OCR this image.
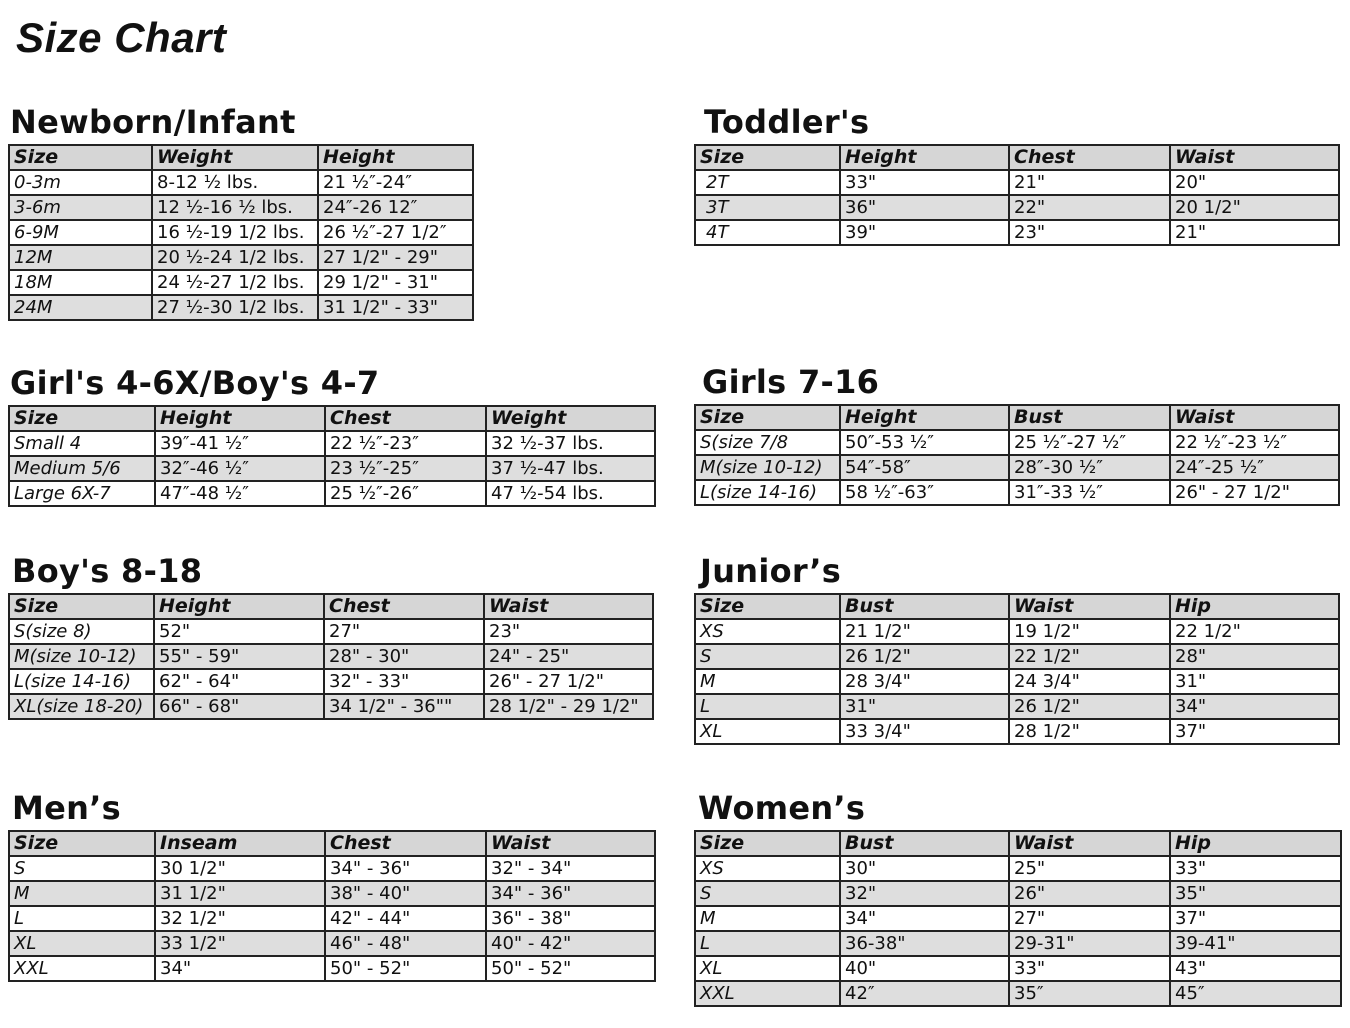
Size Chart
Newborn/Infant
Size	Weight	Height
0-3m	8-12 ½ lbs.	21 ½″-24″
3-6m	12 ½-16 ½ lbs.	24″-26 12″
6-9M	16 ½-19 1/2 lbs.	26 ½″-27 1/2″
12M	20 ½-24 1/2 lbs.	27 1/2" - 29"
18M	24 ½-27 1/2 lbs.	29 1/2" - 31"
24M	27 ½-30 1/2 lbs.	31 1/2" - 33"
Toddler's
Size	Height	Chest	Waist
2T	33"	21"	20"
3T	36"	22"	20 1/2"
4T	39"	23"	21"
Girl's 4-6X/Boy's 4-7
Size	Height	Chest	Weight
Small 4	39″-41 ½″	22 ½″-23″	32 ½-37 lbs.
Medium 5/6	32″-46 ½″	23 ½″-25″	37 ½-47 lbs.
Large 6X-7	47″-48 ½″	25 ½″-26″	47 ½-54 lbs.
Girls 7-16
Size	Height	Bust	Waist
S(size 7/8	50″-53 ½″	25 ½″-27 ½″	22 ½″-23 ½″
M(size 10-12)	54″-58″	28″-30 ½″	24″-25 ½″
L(size 14-16)	58 ½″-63″	31″-33 ½″	26" - 27 1/2"
Boy's 8-18
Size	Height	Chest	Waist
S(size 8)	52"	27"	23"
M(size 10-12)	55" - 59"	28" - 30"	24" - 25"
L(size 14-16)	62" - 64"	32" - 33"	26" - 27 1/2"
XL(size 18-20)	66" - 68"	34 1/2" - 36""	28 1/2" - 29 1/2"
Junior’s
Size	Bust	Waist	Hip
XS	21 1/2"	19 1/2"	22 1/2"
S	26 1/2"	22 1/2"	28"
M	28 3/4"	24 3/4"	31"
L	31"	26 1/2"	34"
XL	33 3/4"	28 1/2"	37"
Men’s
Size	Inseam	Chest	Waist
S	30 1/2"	34" - 36"	32" - 34"
M	31 1/2"	38" - 40"	34" - 36"
L	32 1/2"	42" - 44"	36" - 38"
XL	33 1/2"	46" - 48"	40" - 42"
XXL	34"	50" - 52"	50" - 52"
Women’s
Size	Bust	Waist	Hip
XS	30"	25"	33"
S	32"	26"	35"
M	34"	27"	37"
L	36-38"	29-31"	39-41"
XL	40"	33"	43"
XXL	42″	35″	45″
